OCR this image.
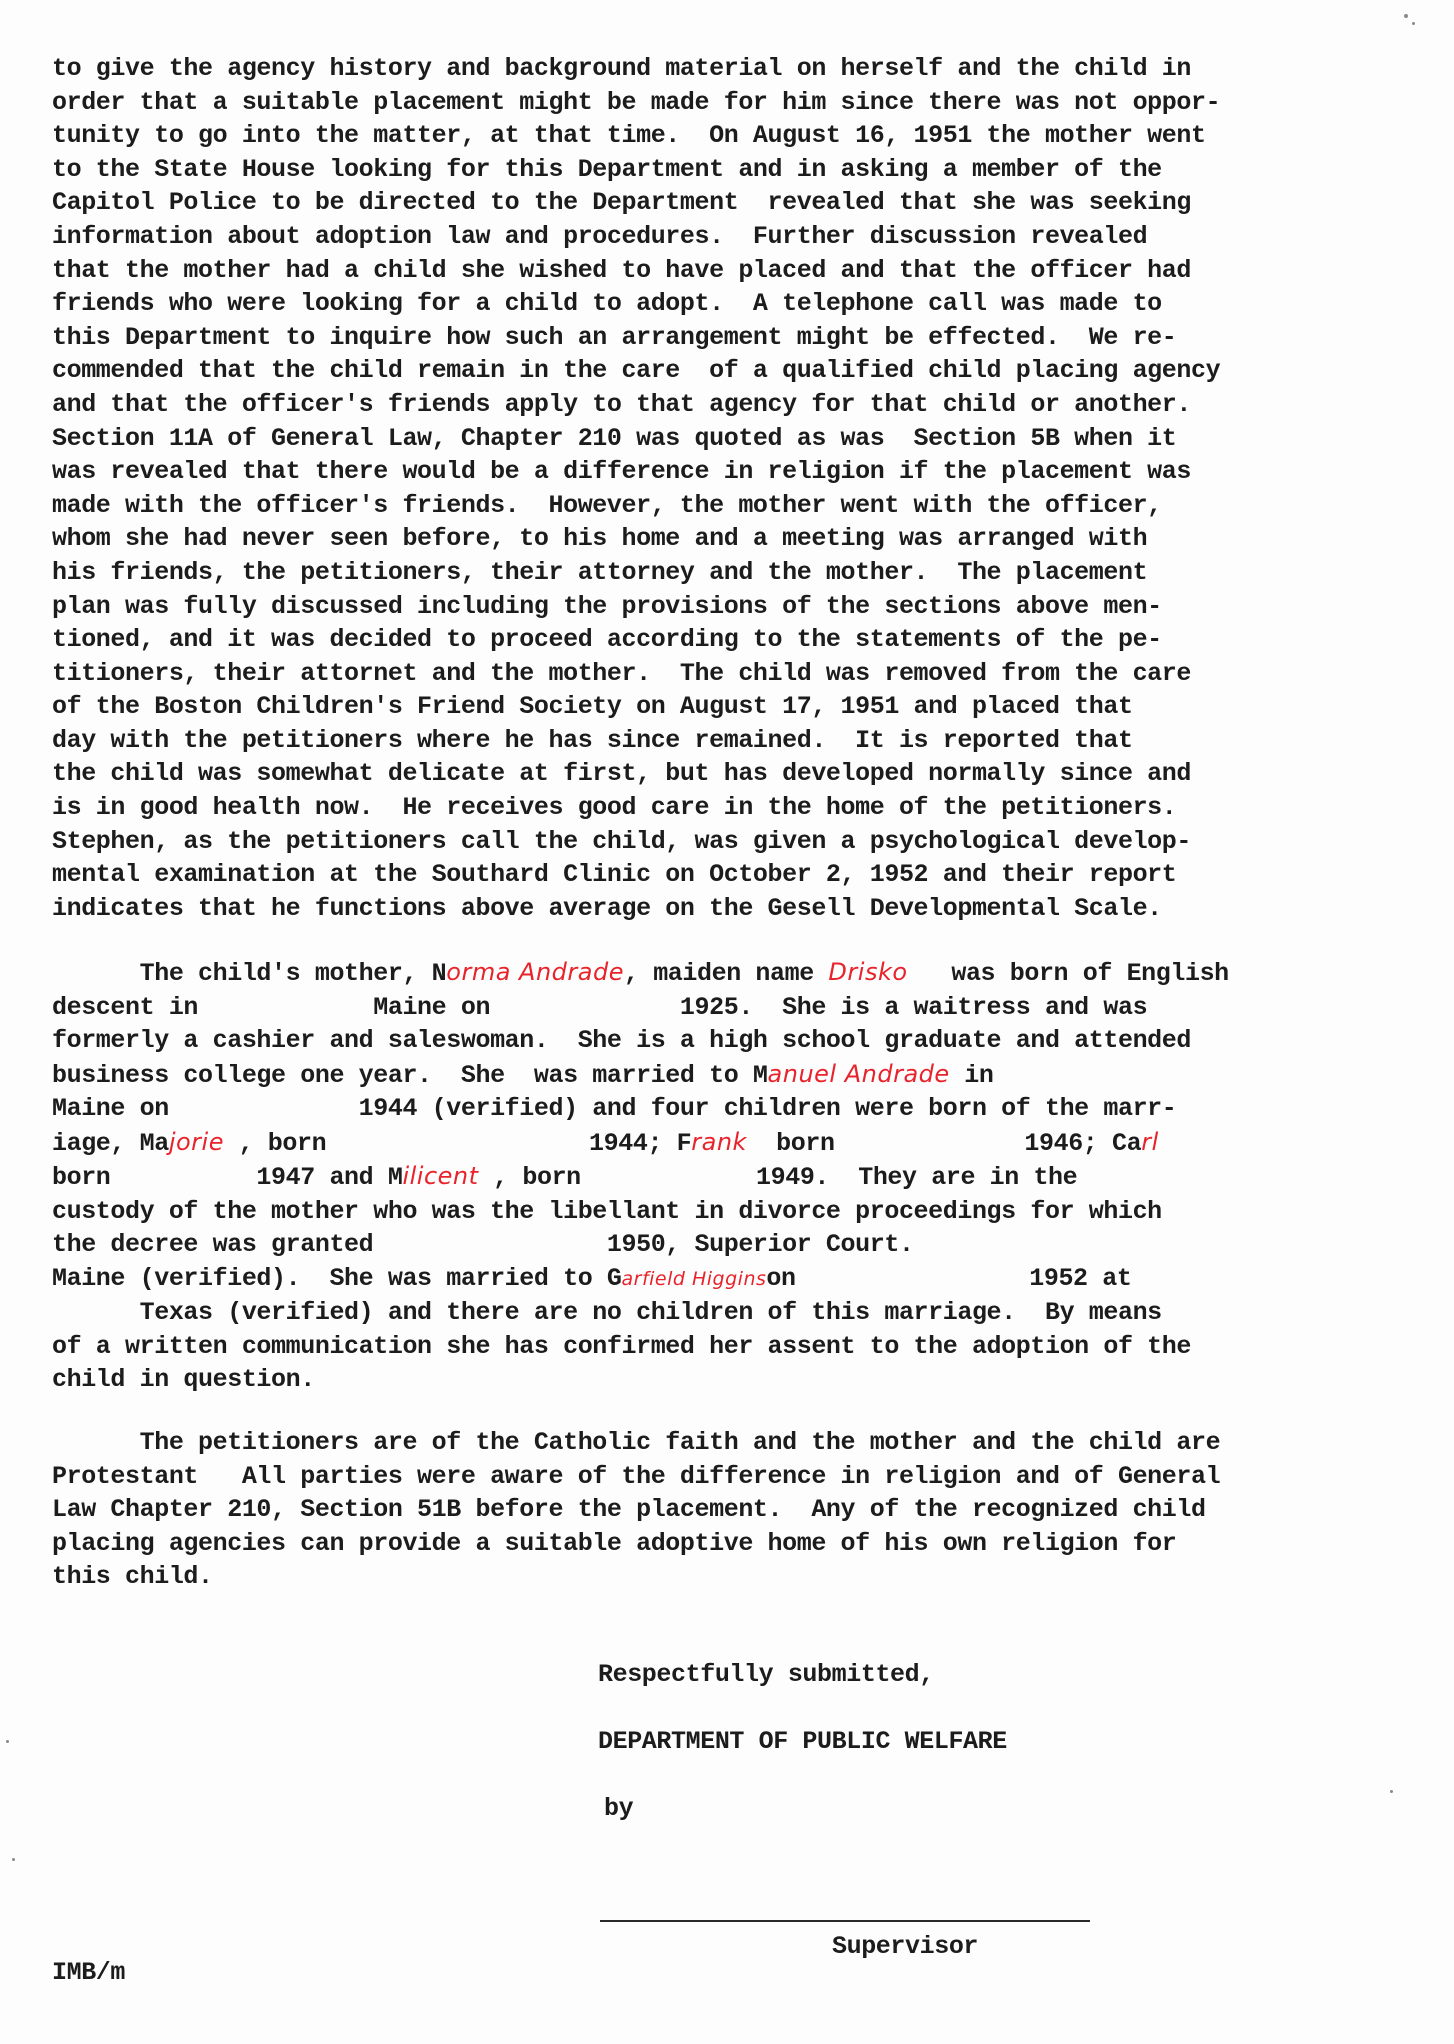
to give the agency history and background material on herself and the child in
order that a suitable placement might be made for him since there was not oppor-
tunity to go into the matter, at that time.  On August 16, 1951 the mother went
to the State House looking for this Department and in asking a member of the
Capitol Police to be directed to the Department  revealed that she was seeking
information about adoption law and procedures.  Further discussion revealed
that the mother had a child she wished to have placed and that the officer had
friends who were looking for a child to adopt.  A telephone call was made to
this Department to inquire how such an arrangement might be effected.  We re-
commended that the child remain in the care  of a qualified child placing agency
and that the officer's friends apply to that agency for that child or another.
Section 11A of General Law, Chapter 210 was quoted as was  Section 5B when it
was revealed that there would be a difference in religion if the placement was
made with the officer's friends.  However, the mother went with the officer,
whom she had never seen before, to his home and a meeting was arranged with
his friends, the petitioners, their attorney and the mother.  The placement
plan was fully discussed including the provisions of the sections above men-
tioned, and it was decided to proceed according to the statements of the pe-
titioners, their attornet and the mother.  The child was removed from the care
of the Boston Children's Friend Society on August 17, 1951 and placed that
day with the petitioners where he has since remained.  It is reported that
the child was somewhat delicate at first, but has developed normally since and
is in good health now.  He receives good care in the home of the petitioners.
Stephen, as the petitioners call the child, was given a psychological develop-
mental examination at the Southard Clinic on October 2, 1952 and their report
indicates that he functions above average on the Gesell Developmental Scale.
The child's mother, Norma Andrade, maiden name Drisko   was born of English
descent in            Maine on             1925.  She is a waitress and was
formerly a cashier and saleswoman.  She is a high school graduate and attended
business college one year.  She  was married to Manuel Andrade in
Maine on             1944 (verified) and four children were born of the marr-
iage, Majorie , born                  1944; Frank  born             1946; Carl
born          1947 and Milicent , born            1949.  They are in the
custody of the mother who was the libellant in divorce proceedings for which
the decree was granted                1950, Superior Court.
Maine (verified).  She was married to Garfield Higginson                1952 at
Texas (verified) and there are no children of this marriage.  By means
of a written communication she has confirmed her assent to the adoption of the
child in question.
The petitioners are of the Catholic faith and the mother and the child are
Protestant   All parties were aware of the difference in religion and of General
Law Chapter 210, Section 51B before the placement.  Any of the recognized child
placing agencies can provide a suitable adoptive home of his own religion for
this child.
Respectfully submitted,
DEPARTMENT OF PUBLIC WELFARE
by
Supervisor
IMB/m
